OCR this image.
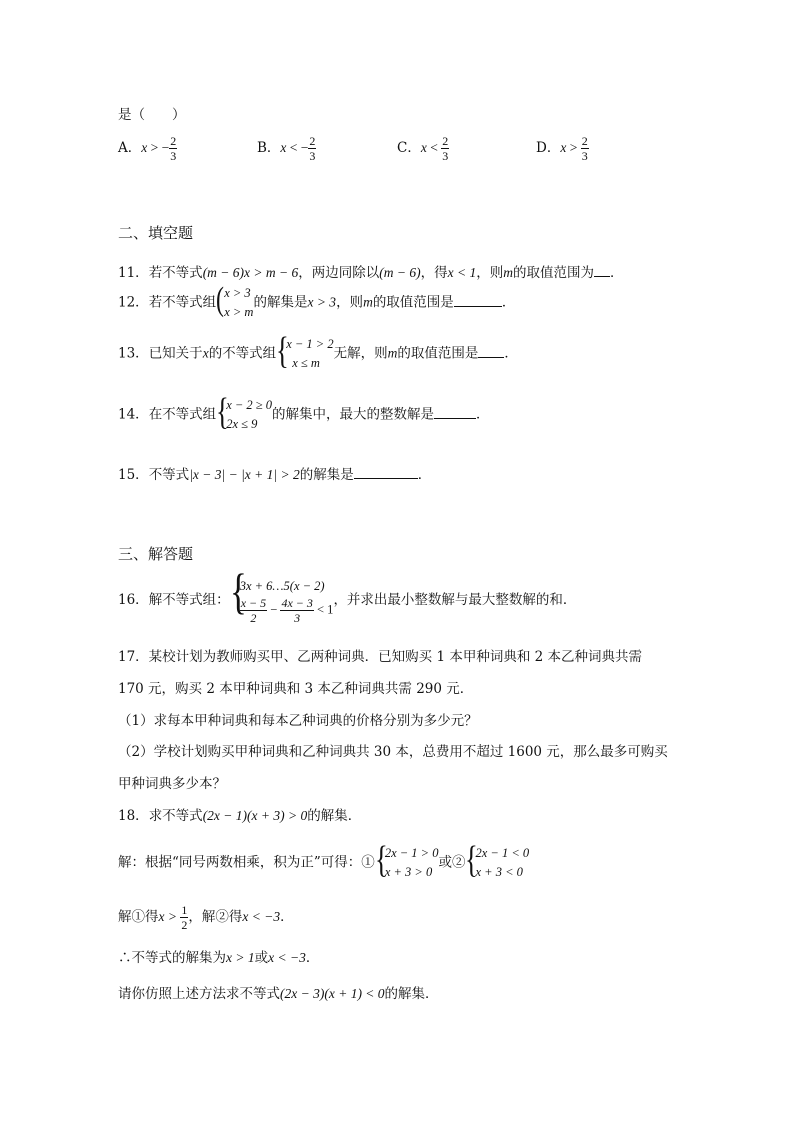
是（　　）
A．x > − $\frac{2}{3}$	B．x < − $\frac{2}{3}$	C．$x < \frac{2}{3}$	D．$x > \frac{2}{3}$
二、填空题
11．若不等式(m − 6)x > m − 6，两边同除以(m − 6)，得x < 1，则m的取值范围为 ．
12．若不等式组 ( x > 3
x > m
的解集是x > 3，则m的取值范围是	．
13．已知关于x的不等式组 {
x − 1 > 2
x ≤ m
无解，则m的取值范围是 ．
14．在不等式组 {
x − 2 ≥ 0
2x ≤ 9
的解集中，最大的整数解是	．
15．不等式|x − 3| − |x + 1| > 2的解集是	．
三、解答题
16．解不等式组： {
3x + 6…5(x − 2)
$\frac{x - 5}{2} - \frac{4x - 3}{3} < 1$
，并求出最小整数解与最大整数解的和．
17．某校计划为教师购买甲、乙两种词典．已知购买 1 本甲种词典和 2 本乙种词典共需
170 元，购买 2 本甲种词典和 3 本乙种词典共需 290 元．
（1）求每本甲种词典和每本乙种词典的价格分别为多少元？
（2）学校计划购买甲种词典和乙种词典共 30 本，总费用不超过 1600 元，那么最多可购买
甲种词典多少本？
18．求不等式(2x − 1)(x + 3) > 0的解集．
解：根据“同号两数相乘，积为正”可得：① {
2x − 1 > 0
x + 3 > 0
或② {
2x − 1 < 0
x + 3 < 0
解①得$x > \frac{1}{2}$ ，解②得x < −3．
∴不等式的解集为x > 1或x < −3．
请你仿照上述方法求不等式(2x − 3)(x + 1) < 0的解集．
